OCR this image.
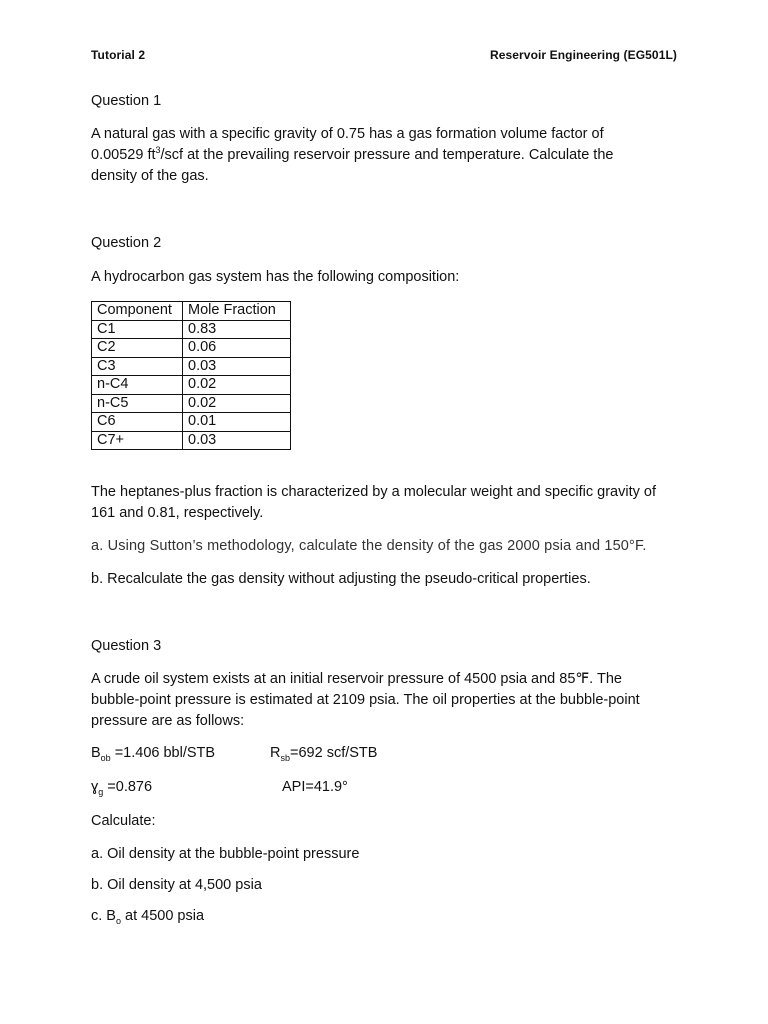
Tutorial 2	Reservoir Engineering (EG501L)

Question 1

A natural gas with a specific gravity of 0.75 has a gas formation volume factor of
0.00529 $ft^3$/scf at the prevailing reservoir pressure and temperature. Calculate the
density of the gas.

Question 2

A hydrocarbon gas system has the following composition:

Component	Mole Fraction
C1	0.83
C2	0.06
C3	0.03
n-C4	0.02
n-C5	0.02
C6	0.01
C7+	0.03
The heptanes-plus fraction is characterized by a molecular weight and specific gravity of
161 and 0.81, respectively.

a. Using Sutton’s methodology, calculate the density of the gas 2000 psia and 150°F.

b. Recalculate the gas density without adjusting the pseudo-critical properties.

Question 3

A crude oil system exists at an initial reservoir pressure of 4500 psia and 85℉. The
bubble-point pressure is estimated at 2109 psia. The oil properties at the bubble-point
pressure are as follows:
$B_{ob} =1.406$ bbl/STB	$R_{sb}=692$ scf/STB
ɣ$_g$ =0.876	API=41.9°

Calculate:

a. Oil density at the bubble-point pressure

b. Oil density at 4,500 psia

c. $B_o$ at 4500 psia
